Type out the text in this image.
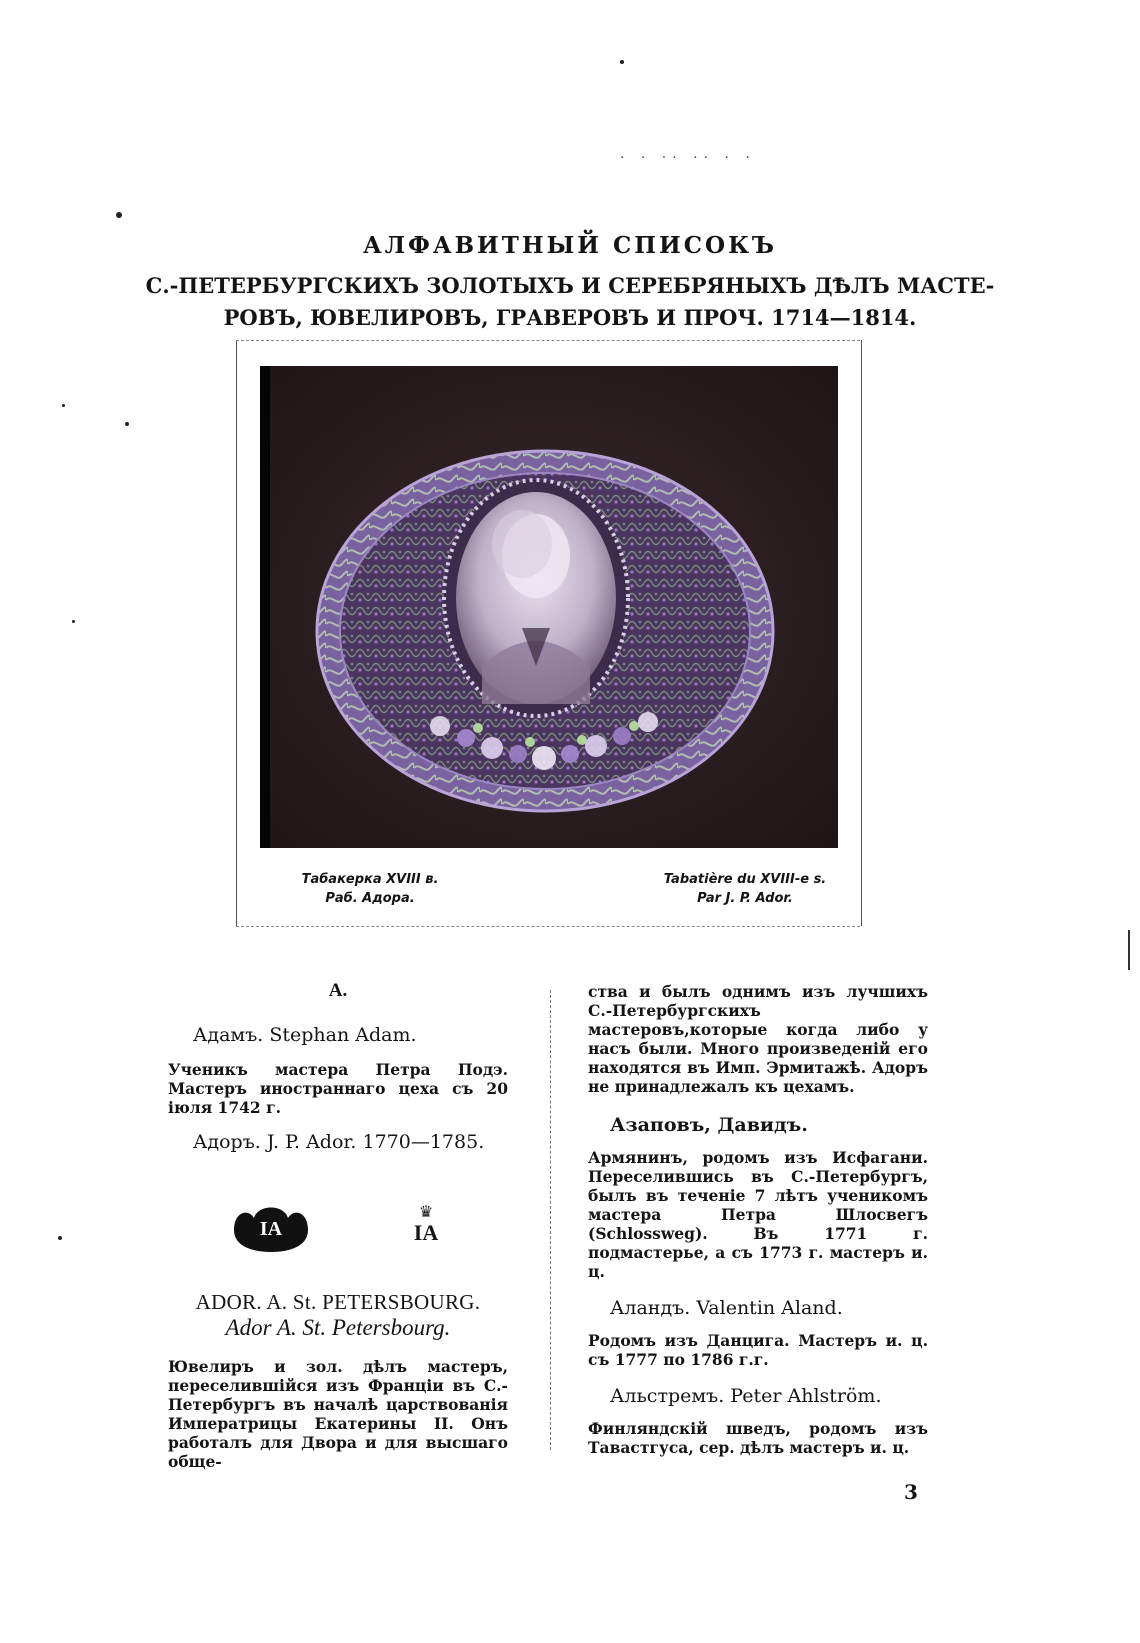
· · ·· ·· · ·
АЛФАВИТНЫЙ СПИСОКЪ
С.-ПЕТЕРБУРГСКИХЪ ЗОЛОТЫХЪ И СЕРЕБРЯНЫХЪ ДѢЛЪ МАСТЕ-
РОВЪ, ЮВЕЛИРОВЪ, ГРАВЕРОВЪ И ПРОЧ. 1714—1814.
Табакерка XVIII в.
Раб. Адора.
Tabatière du XVIII-e s.
Par J. P. Ador.
А.
Адамъ. Stephan Adam.
Ученикъ мастера Петра Подэ. Мастеръ иностраннаго цеха съ 20 іюля 1742 г.
Адоръ. J. P. Ador. 1770—1785.
IA
♛
IA
ADOR. A. St. PETERSBOURG.
Ador A. St. Petersbourg.
Ювелиръ и зол. дѣлъ мастеръ, переселившiйся изъ Францiи въ С.-Петербургъ въ началѣ царствованія Императрицы Екатерины II. Онъ работалъ для Двора и для высшаго обще-
ства и былъ однимъ изъ лучшихъ С.-Петербургскихъ мастеровъ,которые когда либо у насъ были. Много произведенiй его находятся въ Имп. Эрмитажѣ. Адоръ не принадлежалъ къ цехамъ.
Азаповъ, Давидъ.
Армянинъ, родомъ изъ Исфагани. Переселившись въ С.-Петербургъ, былъ въ теченіе 7 лѣтъ ученикомъ мастера Петра Шлосвегъ (Schlossweg). Въ 1771 г. подмастерье, а съ 1773 г. мастеръ и. ц.
Аландъ. Valentin Aland.
Родомъ изъ Данцига. Мастеръ и. ц. съ 1777 по 1786 г.г.
Альстремъ. Peter Ahlström.
Финляндскiй шведъ, родомъ изъ Тавастгуса, сер. дѣлъ мастеръ и. ц.
3
